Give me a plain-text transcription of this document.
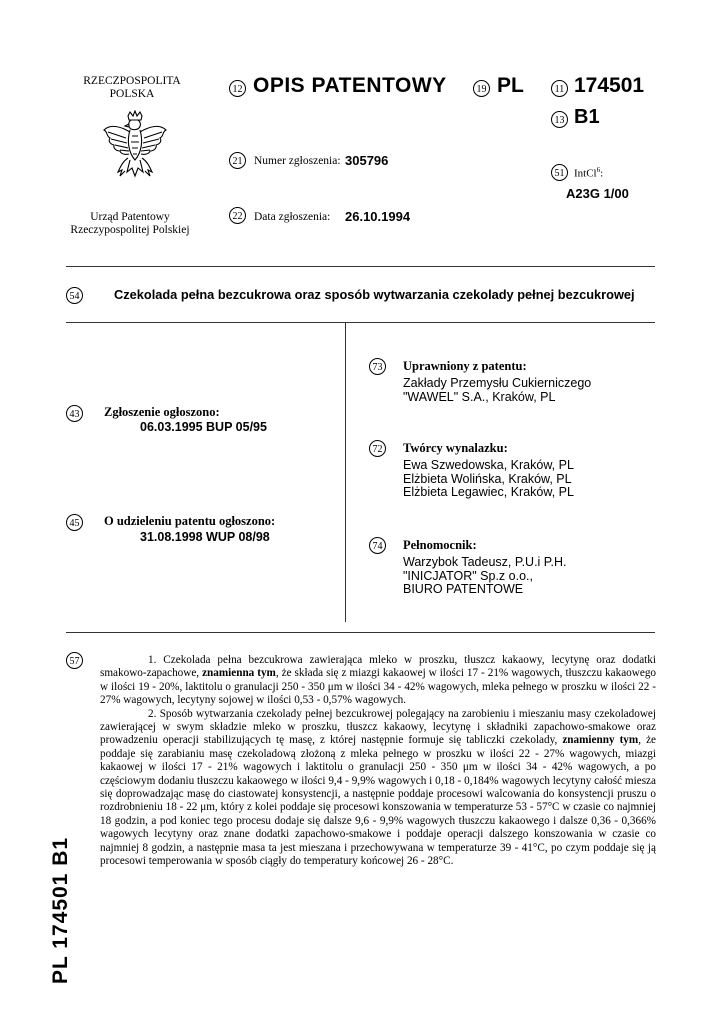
RZECZPOSPOLITA
POLSKA
Urząd Patentowy
Rzeczypospolitej Polskiej
12 OPIS PATENTOWY	19 PL	11 174501
13 B1
21	Numer zgłoszenia: 305796
51 IntCl$^6$:
A23G 1/00
22	Data zgłoszenia: 26.10.1994
54	Czekolada pełna bezcukrowa oraz sposób wytwarzania czekolady pełnej bezcukrowej
43 Zgłoszenie ogłoszono:
06.03.1995 BUP 05/95
45 O udzieleniu patentu ogłoszono:
31.08.1998 WUP 08/98
73 Uprawniony z patentu:
Zakłady Przemysłu Cukierniczego
"WAWEL" S.A., Kraków, PL
72 Twórcy wynalazku:
Ewa Szwedowska, Kraków, PL
Elżbieta Wolińska, Kraków, PL
Elżbieta Legawiec, Kraków, PL
74 Pełnomocnik:
Warzybok Tadeusz, P.U.i P.H.
"INICJATOR" Sp.z o.o.,
BIURO PATENTOWE
57	1. Czekolada pełna bezcukrowa zawierająca mleko w proszku, tłuszcz kakaowy, lecytynę oraz dodatki smakowo-zapachowe, znamienna tym, że składa się z miazgi kakaowej w ilości 17 - 21% wagowych, tłuszczu kakaowego w ilości 19 - 20%, laktitolu o granulacji 250 - 350 μm w ilości 34 - 42% wagowych, mleka pełnego w proszku w ilości 22 - 27% wagowych, lecytyny sojowej w ilości 0,53 - 0,57% wagowych.

2. Sposób wytwarzania czekolady pełnej bezcukrowej polegający na zarobieniu i mieszaniu masy czekoladowej zawierającej w swym składzie mleko w proszku, tłuszcz kakaowy, lecytynę i składniki zapachowo-smakowe oraz prowadzeniu operacji stabilizujących tę masę, z której następnie formuje się tabliczki czekolady, znamienny tym, że poddaje się zarabianiu masę czekoladową złożoną z mleka pełnego w proszku w ilości 22 - 27% wagowych, miazgi kakaowej w ilości 17 - 21% wagowych i laktitolu o granulacji 250 - 350 μm w ilości 34 - 42% wagowych, a po częściowym dodaniu tłuszczu kakaowego w ilości 9,4 - 9,9% wagowych i 0,18 - 0,184% wagowych lecytyny całość miesza się doprowadzając masę do ciastowatej konsystencji, a następnie poddaje procesowi walcowania do konsystencji pruszu o rozdrobnieniu 18 - 22 μm, który z kolei poddaje się procesowi konszowania w temperaturze 53 - 57°C w czasie co najmniej 18 godzin, a pod koniec tego procesu dodaje się dalsze 9,6 - 9,9% wagowych tłuszczu kakaowego i dalsze 0,36 - 0,366% wagowych lecytyny oraz znane dodatki zapachowo-smakowe i poddaje operacji dalszego konszowania w czasie co najmniej 8 godzin, a następnie masa ta jest mieszana i przechowywana w temperaturze 39 - 41°C, po czym poddaje się ją procesowi temperowania w sposób ciągły do temperatury końcowej 26 - 28°C.

PL 174501 B1
